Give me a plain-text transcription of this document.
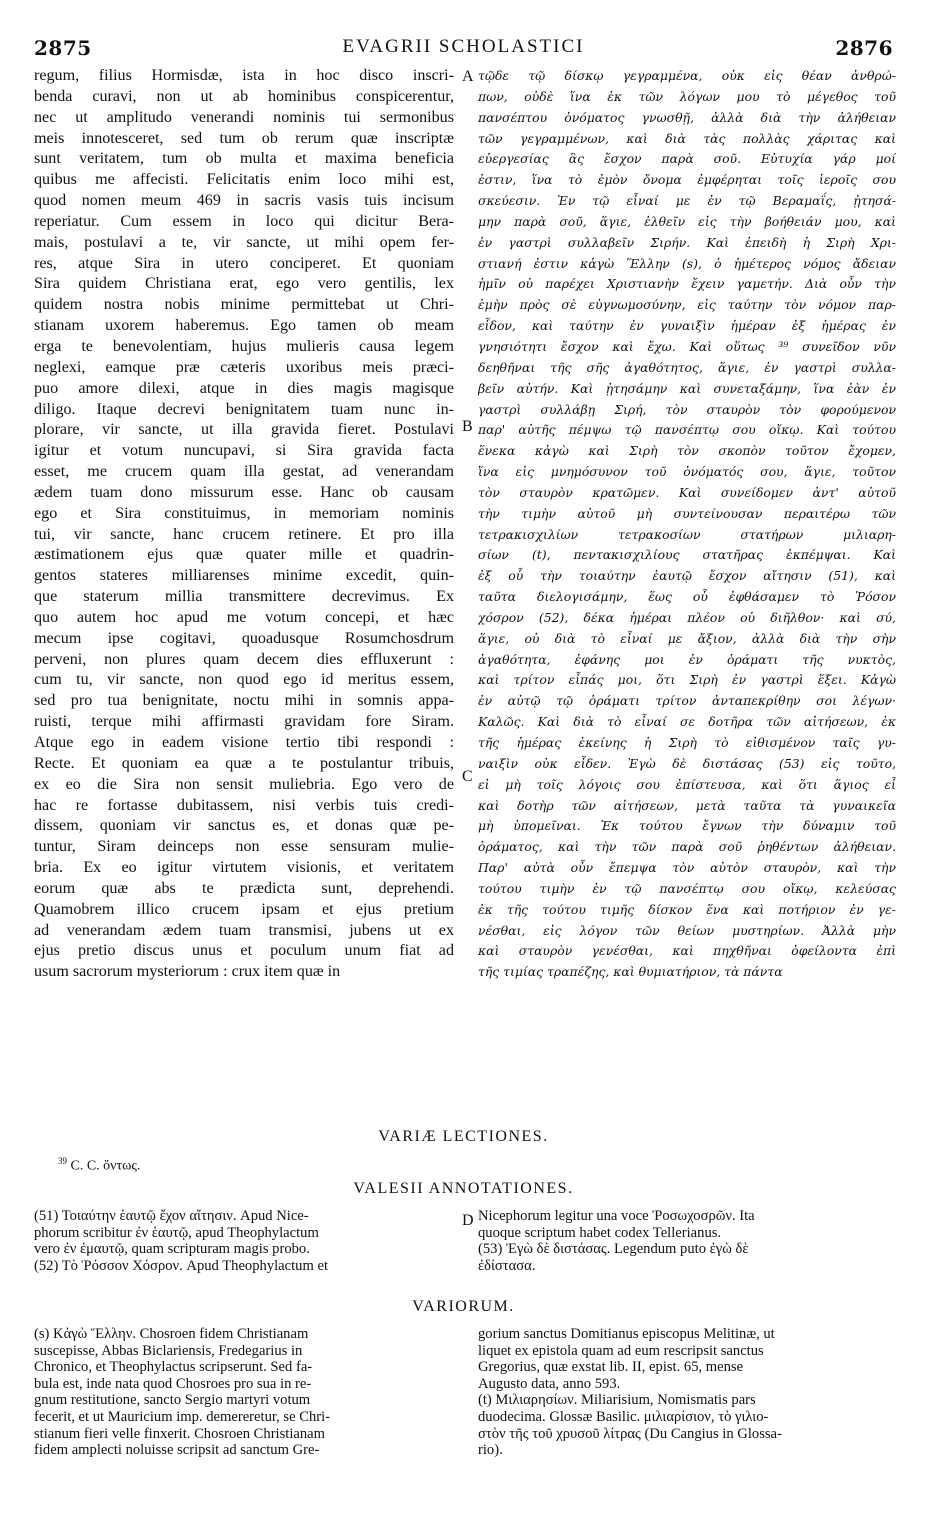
2875	EVAGRII SCHOLASTICI	2876
regum, filius Hormisdæ, ista in hoc disco inscri-
benda curavi, non ut ab hominibus conspicerentur,
nec ut amplitudo venerandi nominis tui sermonibus
meis innotesceret, sed tum ob rerum quæ inscriptæ
sunt veritatem, tum ob multa et maxima beneficia
quibus me affecisti. Felicitatis enim loco mihi est,
quod nomen meum 469 in sacris vasis tuis incisum
reperiatur. Cum essem in loco qui dicitur Bera-
mais, postulavi a te, vir sancte, ut mihi opem fer-
res, atque Sira in utero conciperet. Et quoniam
Sira quidem Christiana erat, ego vero gentilis, lex
quidem nostra nobis minime permittebat ut Chri-
stianam uxorem haberemus. Ego tamen ob meam
erga te benevolentiam, hujus mulieris causa legem
neglexi, eamque præ cæteris uxoribus meis præci-
puo amore dilexi, atque in dies magis magisque
diligo. Itaque decrevi benignitatem tuam nunc in-
plorare, vir sancte, ut illa gravida fieret. Postulavi
igitur et votum nuncupavi, si Sira gravida facta
esset, me crucem quam illa gestat, ad venerandam
ædem tuam dono missurum esse. Hanc ob causam
ego et Sira constituimus, in memoriam nominis
tui, vir sancte, hanc crucem retinere. Et pro illa
æstimationem ejus quæ quater mille et quadrin-
gentos stateres milliarenses minime excedit, quin-
que staterum millia transmittere decrevimus. Ex
quo autem hoc apud me votum concepi, et hæc
mecum ipse cogitavi, quoadusque Rosumchosdrum
perveni, non plures quam decem dies effluxerunt :
cum tu, vir sancte, non quod ego id meritus essem,
sed pro tua benignitate, noctu mihi in somnis appa-
ruisti, terque mihi affirmasti gravidam fore Siram.
Atque ego in eadem visione tertio tibi respondi :
Recte. Et quoniam ea quæ a te postulantur tribuis,
ex eo die Sira non sensit muliebria. Ego vero de
hac re fortasse dubitassem, nisi verbis tuis credi-
dissem, quoniam vir sanctus es, et donas quæ pe-
tuntur, Siram deinceps non esse sensuram mulie-
bria. Ex eo igitur virtutem visionis, et veritatem
eorum quæ abs te prædicta sunt, deprehendi.
Quamobrem illico crucem ipsam et ejus pretium
ad venerandam ædem tuam transmisi, jubens ut ex
ejus pretio discus unus et poculum unum fiat ad
usum sacrorum mysteriorum : crux item quæ in
τῷδε τῷ δίσκῳ γεγραμμένα, οὐκ εἰς θέαν ἀνθρώ-
πων, οὐδὲ ἵνα ἐκ τῶν λόγων μου τὸ μέγεθος τοῦ
πανσέπτου ὀνόματος γνωσθῇ, ἀλλὰ διὰ τὴν ἀλήθειαν
τῶν γεγραμμένων, καὶ διὰ τὰς πολλὰς χάριτας καὶ
εὐεργεσίας ἃς ἔσχον παρὰ σοῦ. Εὐτυχία γάρ μοί
ἐστιν, ἵνα τὸ ἐμὸν ὄνομα ἐμφέρηται τοῖς ἱεροῖς σου
σκεύεσιν. Ἐν τῷ εἶναί με ἐν τῷ Βεραμαΐς, ᾐτησά-
μην παρὰ σοῦ, ἅγιε, ἐλθεῖν εἰς τὴν βοήθειάν μου, καὶ
ἐν γαστρὶ συλλαβεῖν Σιρήν. Καὶ ἐπειδὴ ἡ Σιρὴ Χρι-
στιανή ἐστιν κἀγὼ Ἕλλην (s), ὁ ἡμέτερος νόμος ἄδειαν
ἡμῖν οὐ παρέχει Χριστιανὴν ἔχειν γαμετήν. Διὰ οὖν τὴν
ἐμὴν πρὸς σὲ εὐγνωμοσύνην, εἰς ταύτην τὸν νόμον παρ-
εἶδον, καὶ ταύτην ἐν γυναιξὶν ἡμέραν ἐξ ἡμέρας ἐν
γνησιότητι ἔσχον καὶ ἔχω. Καὶ οὕτως ³⁹ συνεῖδον νῦν
δεηθῆναι τῆς σῆς ἀγαθότητος, ἅγιε, ἐν γαστρὶ συλλα-
βεῖν αὐτήν. Καὶ ᾐτησάμην καὶ συνεταξάμην, ἵνα ἐὰν ἐν
γαστρὶ συλλάβῃ Σιρή, τὸν σταυρὸν τὸν φορούμενον
παρ' αὐτῆς πέμψω τῷ πανσέπτῳ σου οἴκῳ. Καὶ τούτου
ἕνεκα κἀγὼ καὶ Σιρὴ τὸν σκοπὸν τοῦτον ἔχομεν,
ἵνα εἰς μνημόσυνον τοῦ ὀνόματός σου, ἅγιε, τοῦτον
τὸν σταυρὸν κρατῶμεν. Καὶ συνείδομεν ἀντ' αὐτοῦ
τὴν τιμὴν αὐτοῦ μὴ συντείνουσαν περαιτέρω τῶν
τετρακισχιλίων τετρακοσίων στατήρων μιλιαρη-
σίων (t), πεντακισχιλίους στατῆρας ἐκπέμψαι. Καὶ
ἐξ οὗ τὴν τοιαύτην ἑαυτῷ ἔσχον αἴτησιν (51), καὶ
ταῦτα διελογισάμην, ἕως οὗ ἐφθάσαμεν τὸ Ῥόσον
χόσρον (52), δέκα ἡμέραι πλέον οὐ διῆλθον· καὶ σύ,
ἅγιε, οὐ διὰ τὸ εἶναί με ἄξιον, ἀλλὰ διὰ τὴν σὴν
ἀγαθότητα, ἐφάνης μοι ἐν ὁράματι τῆς νυκτὸς,
καὶ τρίτον εἶπάς μοι, ὅτι Σιρὴ ἐν γαστρὶ ἕξει. Κἀγὼ
ἐν αὐτῷ τῷ ὁράματι τρίτον ἀνταπεκρίθην σοι λέγων·
Καλῶς. Καὶ διὰ τὸ εἶναί σε δοτῆρα τῶν αἰτήσεων, ἐκ
τῆς ἡμέρας ἐκείνης ἡ Σιρὴ τὸ εἰθισμένον ταῖς γυ-
ναιξὶν οὐκ εἶδεν. Ἐγὼ δὲ διστάσας (53) εἰς τοῦτο,
εἰ μὴ τοῖς λόγοις σου ἐπίστευσα, καὶ ὅτι ἅγιος εἶ
καὶ δοτὴρ τῶν αἰτήσεων, μετὰ ταῦτα τὰ γυναικεῖα
μὴ ὑπομεῖναι. Ἐκ τούτου ἔγνων τὴν δύναμιν τοῦ
ὁράματος, καὶ τὴν τῶν παρὰ σοῦ ῥηθέντων ἀλήθειαν.
Παρ' αὐτὰ οὖν ἔπεμψα τὸν αὐτὸν σταυρὸν, καὶ τὴν
τούτου τιμὴν ἐν τῷ πανσέπτῳ σου οἴκῳ, κελεύσας
ἐκ τῆς τούτου τιμῆς δίσκον ἕνα καὶ ποτήριον ἐν γε-
νέσθαι, εἰς λόγον τῶν θείων μυστηρίων. Ἀλλὰ μὴν
καὶ σταυρὸν γενέσθαι, καὶ πηχθῆναι ὀφείλοντα ἐπὶ
τῆς τιμίας τραπέζης, καὶ θυμιατήριον, τὰ πάντα
A
B
C
D
VARIÆ LECTIONES.
$^{39}$ C. C. ὄντως.
VALESII ANNOTATIONES.
(51) Τοιαύτην ἑαυτῷ ἔχον αἴτησιν. Apud Nice-
phorum scribitur ἐν ἑαυτῷ, apud Theophylactum
vero ἐν ἐμαυτῷ, quam scripturam magis probo.
(52) Τὸ Ῥόσσον Χόσρον. Apud Theophylactum et
Nicephorum legitur una voce Ῥοσωχοσρῶν. Ita
quoque scriptum habet codex Tellerianus.
(53) Ἐγὼ δὲ διστάσας. Legendum puto ἐγὼ δὲ
ἐδίστασα.
VARIORUM.
(s) Κἀγὼ Ἕλλην. Chosroen fidem Christianam
suscepisse, Abbas Biclariensis, Fredegarius in
Chronico, et Theophylactus scripserunt. Sed fa-
bula est, inde nata quod Chosroes pro sua in re-
gnum restitutione, sancto Sergio martyri votum
fecerit, et ut Mauricium imp. demereretur, se Chri-
stianum fieri velle finxerit. Chosroen Christianam
fidem amplecti noluisse scripsit ad sanctum Gre-
gorium sanctus Domitianus episcopus Melitinæ, ut
liquet ex epistola quam ad eum rescripsit sanctus
Gregorius, quæ exstat lib. II, epist. 65, mense
Augusto data, anno 593.
(t) Μιλιαρησίων. Miliarisium, Nomismatis pars
duodecima. Glossæ Basilic. μιλιαρίσιον, τὸ γιλιο-
στὸν τῆς τοῦ χρυσοῦ λίτρας (Du Cangius in Glossa-
rio).
